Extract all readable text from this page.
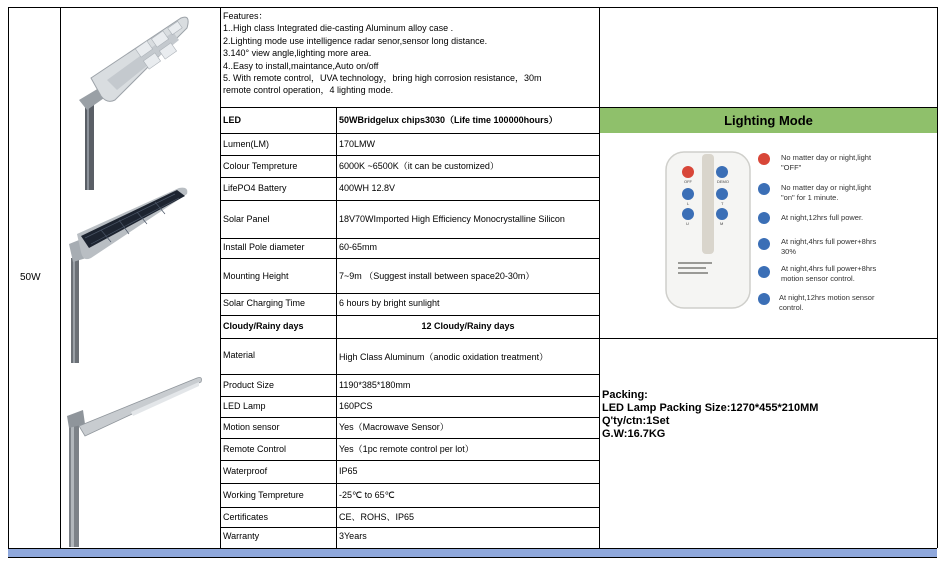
50W
Features：
1..High class Integrated die-casting Aluminum alloy case .
2.Lighting mode use intelligence radar senor,sensor long distance.
3.140° view angle,lighting more area.
4..Easy to install,maintance,Auto on/off
5. With remote control，UVA technology，bring high corrosion resistance，30m
remote control operation，4 lighting mode.
LED	50WBridgelux chips3030（Life time 100000hours）
Lumen(LM)	170LMW
Colour Tempreture	6000K ~6500K（it can be customized）
LifePO4 Battery	400WH 12.8V
Solar Panel	18V70WImported High Efficiency Monocrystalline Silicon
Install Pole diameter	60-65mm
Mounting Height	7~9m （Suggest install between space20-30m）
Solar Charging Time	6 hours by bright sunlight
Cloudy/Rainy days	12 Cloudy/Rainy days
Material	High Class Aluminum（anodic oxidation treatment）
Product Size	1190*385*180mm
LED Lamp	160PCS
Motion sensor	Yes（Macrowave Sensor）
Remote Control	Yes（1pc remote control per lot）
Waterproof	IP65
Working Tempreture	-25℃ to 65℃
Certificates	CE、ROHS、IP65
Warranty	3Years
Lighting Mode
OFF	DEMO
L	T
U	M
No matter day or night,light
"OFF"
No matter day or night,light
"on" for 1 minute.
At night,12hrs full power.
At night,4hrs full power+8hrs
30%
At night,4hrs full power+8hrs
motion sensor control.
At night,12hrs motion sensor
control.
Packing:
LED Lamp Packing Size:1270*455*210MM
Q'ty/ctn:1Set
G.W:16.7KG
